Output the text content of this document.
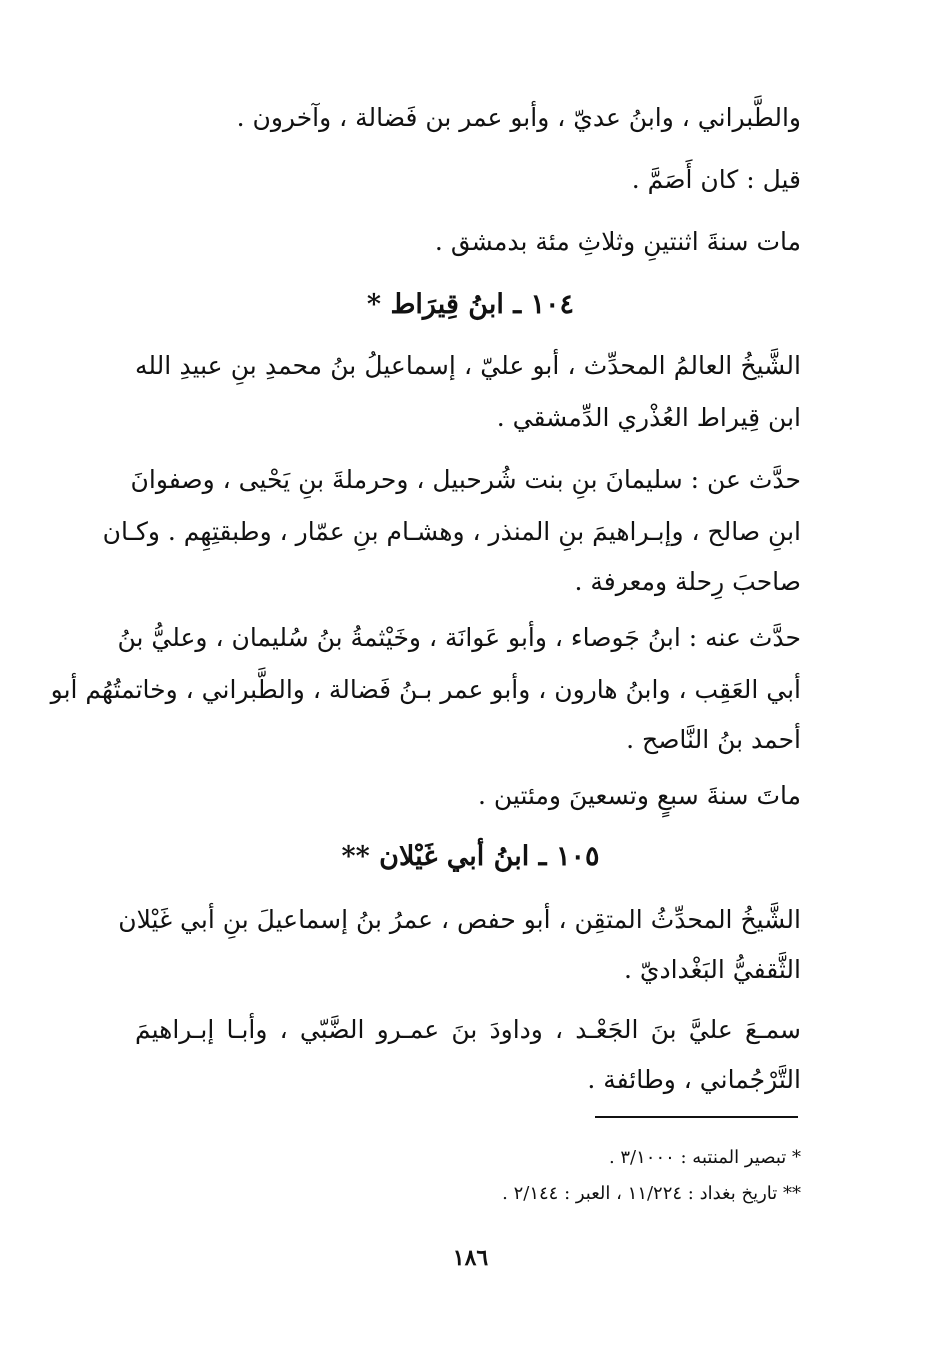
والطَّبراني ، وابنُ عديّ ، وأبو عمر بن فَضالة ، وآخرون .
قيل : كان أَصَمَّ .
مات سنةَ اثنتينِ وثلاثِ مئة بدمشق .
١٠٤ ـ ابنُ قِيرَاط *
الشَّيخُ العالمُ المحدِّث ، أبو عليّ ، إسماعيلُ بنُ محمدِ بنِ عبيدِ الله
ابن قِيراط العُذْري الدِّمشقي .
حدَّث عن : سليمانَ بنِ بنت شُرحبيل ، وحرملةَ بنِ يَحْيى ، وصفوانَ
ابنِ صالح ، وإبـراهيمَ بنِ المنذر ، وهشـام بنِ عمّار ، وطبقتِهِم . وكـان
صاحبَ رِحلة ومعرفة .
حدَّث عنه : ابنُ جَوصاء ، وأبو عَوانَة ، وخَيْثمةُ بنُ سُليمان ، وعليُّ بنُ
أبي العَقِب ، وابنُ هارون ، وأبو عمر بـنُ فَضالة ، والطَّبراني ، وخاتمتُهُم أبو
أحمد بنُ النَّاصح .
ماتَ سنةَ سبعٍ وتسعينَ ومئتين .
١٠٥ ـ ابنُ أبي غَيْلان **
الشَّيخُ المحدِّثُ المتقِن ، أبو حفص ، عمرُ بنُ إسماعيلَ بنِ أبي غَيْلان
الثَّقفيُّ البَغْداديّ .
سمـعَ عليَّ بنَ الجَعْـد ، وداودَ بنَ عمـرو الضَّبّي ، وأبـا إبـراهيمَ
التَّرْجُماني ، وطائفة .
* تبصير المنتبه : ٣/١٠٠٠ .
** تاريخ بغداد : ١١/٢٢٤ ، العبر : ٢/١٤٤ .
١٨٦
